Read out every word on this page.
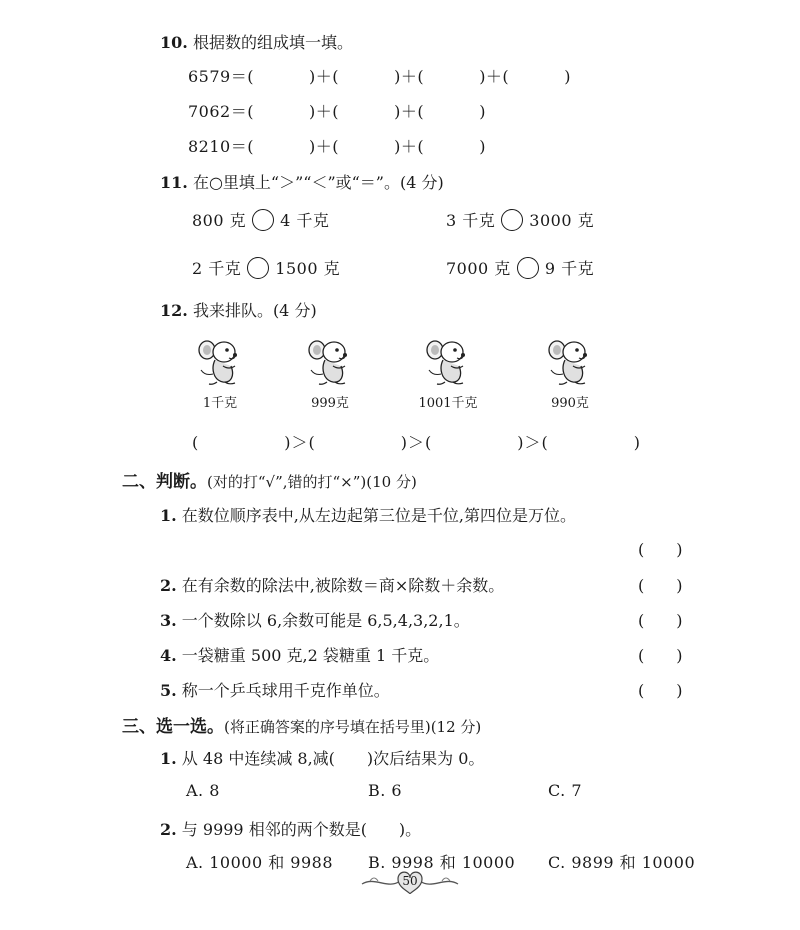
10. 根据数的组成填一填。
6579＝(　　　 )＋(　　　 )＋(　　　 )＋(　　　 )
7062＝(　　　 )＋(　　　 )＋(　　　 )
8210＝(　　　 )＋(　　　 )＋(　　　 )
11. 在○里填上“＞”“＜”或“＝”。(4 分)
800 克 4 千克	3 千克 3000 克
2 千克 1500 克	7000 克 9 千克
12. 我来排队。(4 分)
1千克	999克	1001千克	990克
(　　　　　)＞(　　　　　)＞(　　　　　)＞(　　　　　)
二、判断。(对的打“√”,错的打“×”)(10 分)
1. 在数位顺序表中,从左边起第三位是千位,第四位是万位。
(　　)
2. 在有余数的除法中,被除数＝商×除数＋余数。	(　　)
3. 一个数除以 6,余数可能是 6,5,4,3,2,1。	(　　)
4. 一袋糖重 500 克,2 袋糖重 1 千克。	(　　)
5. 称一个乒乓球用千克作单位。	(　　)
三、选一选。(将正确答案的序号填在括号里)(12 分)
1. 从 48 中连续减 8,减(　　)次后结果为 0。
A. 8	B. 6	C. 7
2. 与 9999 相邻的两个数是(　　)。
A. 10000 和 9988 B. 9998 和 10000 C. 9899 和 10000
50
